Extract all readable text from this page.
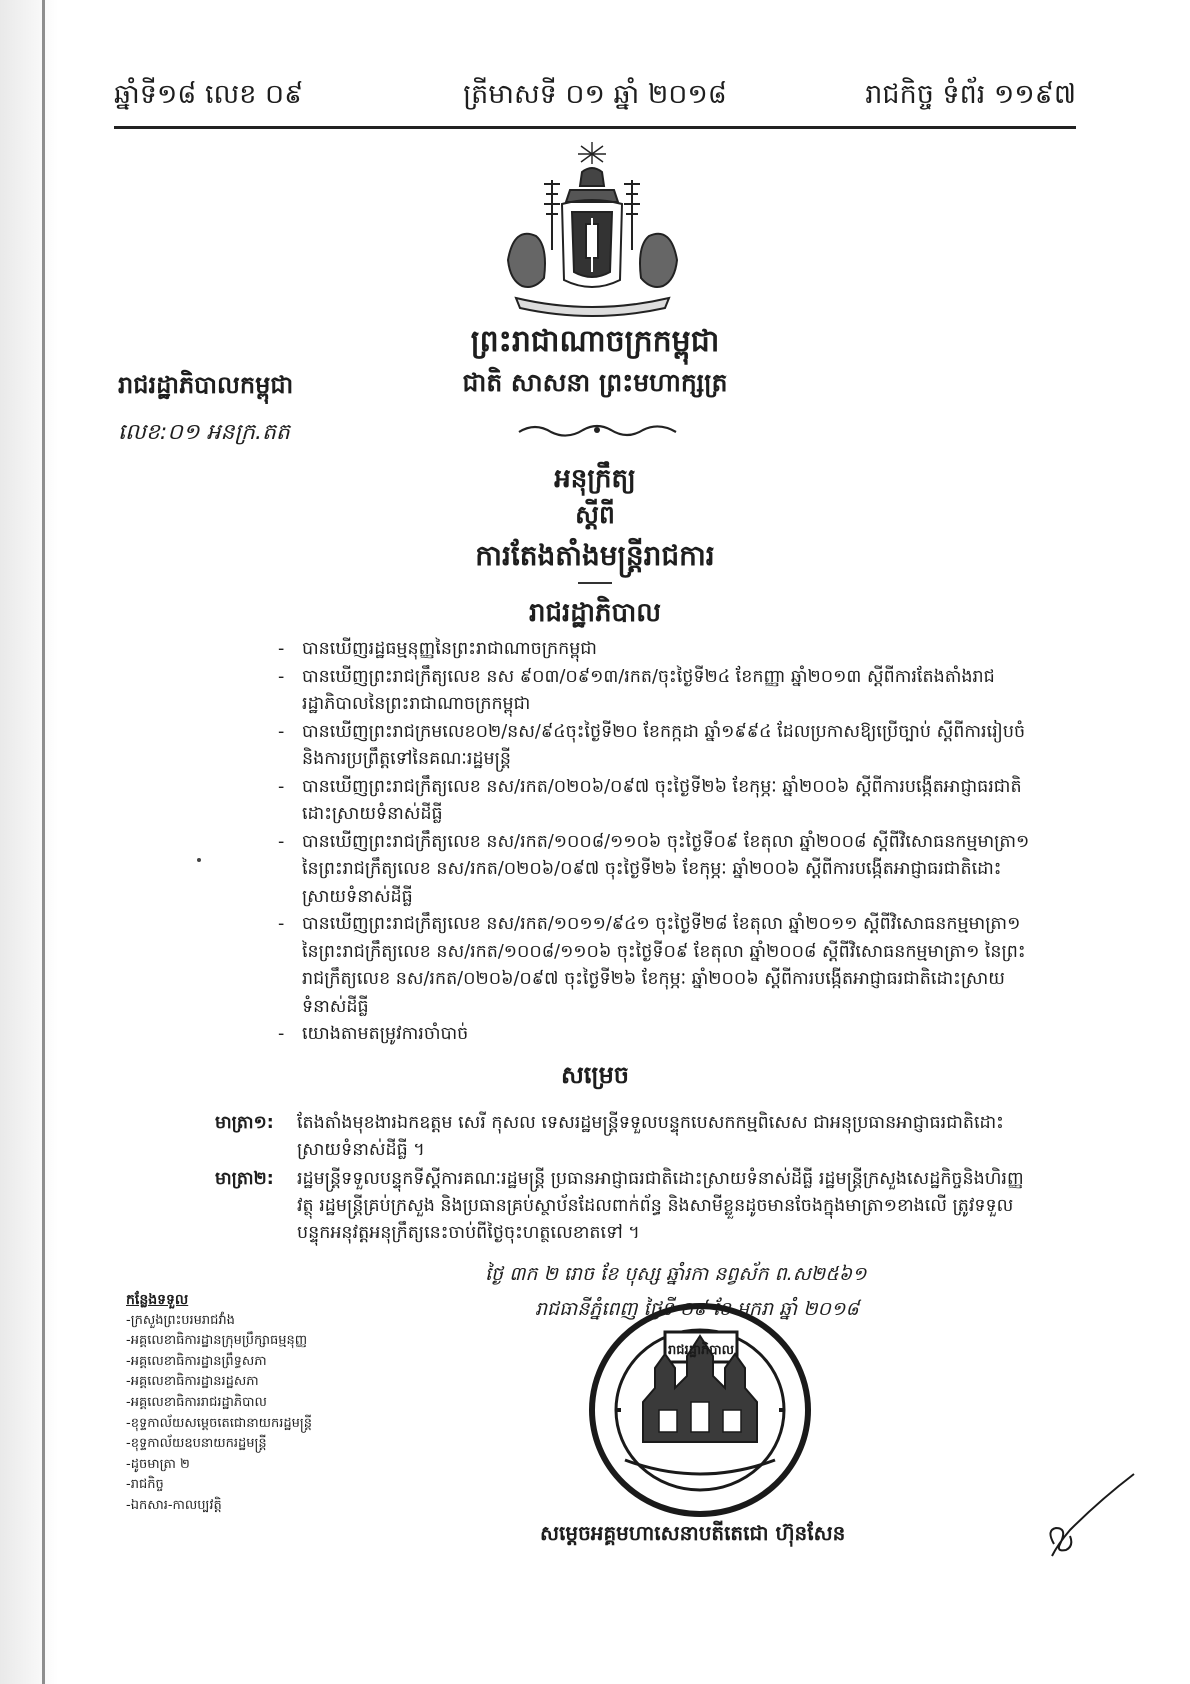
ឆ្នាំទី១៨ លេខ ០៩	ត្រីមាសទី ០១ ឆ្នាំ ២០១៨	រាជកិច្ច ទំព័រ ១១៩៧
ព្រះរាជាណាចក្រកម្ពុជា
ជាតិ សាសនា ព្រះមហាក្សត្រ
រាជរដ្ឋាភិបាលកម្ពុជា
លេខ:០១ អនក្រ.តត
អនុក្រឹត្យ
ស្ដីពី
ការតែងតាំងមន្ត្រីរាជការ
រាជរដ្ឋាភិបាល
- បានឃើញរដ្ឋធម្មនុញ្ញនៃព្រះរាជាណាចក្រកម្ពុជា
- បានឃើញព្រះរាជក្រឹត្យលេខ នស ៩០៣/០៩១៣/រកត/ចុះថ្ងៃទី២៤ ខែកញ្ញា ឆ្នាំ២០១៣ ស្ដីពីការតែងតាំងរាជរដ្ឋាភិបាលនៃព្រះរាជាណាចក្រកម្ពុជា
- បានឃើញព្រះរាជក្រមលេខ០២/នស/៩៤ចុះថ្ងៃទី២០ ខែកក្កដា ឆ្នាំ១៩៩៤ ដែលប្រកាសឱ្យប្រើច្បាប់ ស្ដីពីការរៀបចំ និងការប្រព្រឹត្តទៅនៃគណៈរដ្ឋមន្ត្រី
- បានឃើញព្រះរាជក្រឹត្យលេខ នស/រកត/០២០៦/០៩៧ ចុះថ្ងៃទី២៦ ខែកុម្ភៈ ឆ្នាំ២០០៦ ស្ដីពីការបង្កើតអាជ្ញាធរជាតិដោះស្រាយទំនាស់ដីធ្លី
- បានឃើញព្រះរាជក្រឹត្យលេខ នស/រកត/១០០៨/១១០៦ ចុះថ្ងៃទី០៩ ខែតុលា ឆ្នាំ២០០៨ ស្ដីពីវិសោធនកម្មមាត្រា១ នៃព្រះរាជក្រឹត្យលេខ នស/រកត/០២០៦/០៩៧ ចុះថ្ងៃទី២៦ ខែកុម្ភៈ ឆ្នាំ២០០៦ ស្ដីពីការបង្កើតអាជ្ញាធរជាតិដោះស្រាយទំនាស់ដីធ្លី
- បានឃើញព្រះរាជក្រឹត្យលេខ នស/រកត/១០១១/៩៤១ ចុះថ្ងៃទី២៨ ខែតុលា ឆ្នាំ២០១១ ស្ដីពីវិសោធនកម្មមាត្រា១ នៃព្រះរាជក្រឹត្យលេខ នស/រកត/១០០៨/១១០៦ ចុះថ្ងៃទី០៩ ខែតុលា ឆ្នាំ២០០៨ ស្ដីពីវិសោធនកម្មមាត្រា១ នៃព្រះរាជក្រឹត្យលេខ នស/រកត/០២០៦/០៩៧ ចុះថ្ងៃទី២៦ ខែកុម្ភៈ ឆ្នាំ២០០៦ ស្ដីពីការបង្កើតអាជ្ញាធរជាតិដោះស្រាយទំនាស់ដីធ្លី
- យោងតាមតម្រូវការចាំបាច់
សម្រេច
មាត្រា១: តែងតាំងមុខងារឯកឧត្តម សេរី កុសល ទេសរដ្ឋមន្ត្រីទទួលបន្ទុកបេសកកម្មពិសេស ជាអនុប្រធានអាជ្ញាធរជាតិដោះស្រាយទំនាស់ដីធ្លី ។
មាត្រា២: រដ្ឋមន្ត្រីទទួលបន្ទុកទីស្ដីការគណៈរដ្ឋមន្ត្រី ប្រធានអាជ្ញាធរជាតិដោះស្រាយទំនាស់ដីធ្លី រដ្ឋមន្ត្រីក្រសួងសេដ្ឋកិច្ចនិងហិរញ្ញវត្ថុ រដ្ឋមន្ត្រីគ្រប់ក្រសួង និងប្រធានគ្រប់ស្ថាប័នដែលពាក់ព័ន្ធ និងសាមីខ្លួនដូចមានចែងក្នុងមាត្រា១ខាងលើ ត្រូវទទួលបន្ទុកអនុវត្តអនុក្រឹត្យនេះចាប់ពីថ្ងៃចុះហត្ថលេខាតទៅ ។
ថ្ងៃ ៣ក ២ រោច ខែ បុស្ស ឆ្នាំរកា នព្វស័ក ព.ស២៥៦១
រាជធានីភ្នំពេញ ថ្ងៃទី ០៩ ខែ មករា ឆ្នាំ ២០១៨
រាជរដ្ឋាភិបាល
សម្ដេចអគ្គមហាសេនាបតីតេជោ ហ៊ុនសែន
កន្លែងទទួល
-ក្រសួងព្រះបរមរាជវាំង
-អគ្គលេខាធិការដ្ឋានក្រុមប្រឹក្សាធម្មនុញ្ញ
-អគ្គលេខាធិការដ្ឋានព្រឹទ្ធសភា
-អគ្គលេខាធិការដ្ឋានរដ្ឋសភា
-អគ្គលេខាធិការរាជរដ្ឋាភិបាល
-ខុទ្ទកាល័យសម្ដេចតេជោនាយករដ្ឋមន្ត្រី
-ខុទ្ទកាល័យឧបនាយករដ្ឋមន្ត្រី
-ដូចមាត្រា ២
-រាជកិច្ច
-ឯកសារ-កាលប្បវត្តិ
